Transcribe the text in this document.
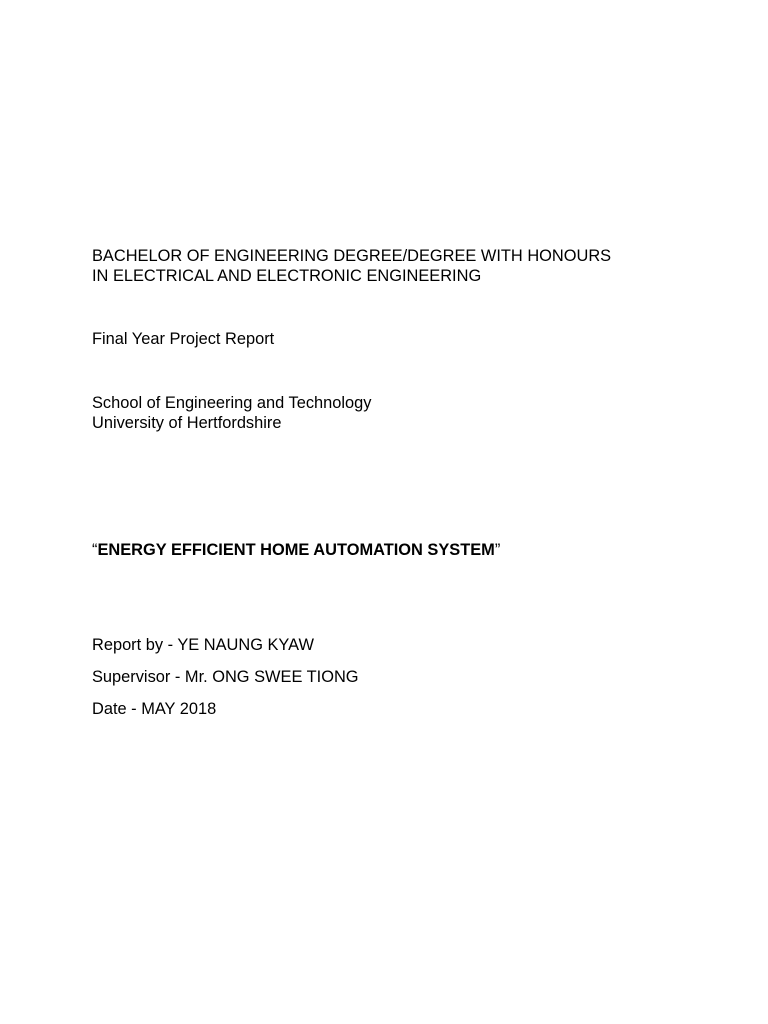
BACHELOR OF ENGINEERING DEGREE/DEGREE WITH HONOURS

IN ELECTRICAL AND ELECTRONIC ENGINEERING

Final Year Project Report

School of Engineering and Technology

University of Hertfordshire

“ENERGY EFFICIENT HOME AUTOMATION SYSTEM”

Report by - YE NAUNG KYAW

Supervisor - Mr. ONG SWEE TIONG

Date - MAY 2018
